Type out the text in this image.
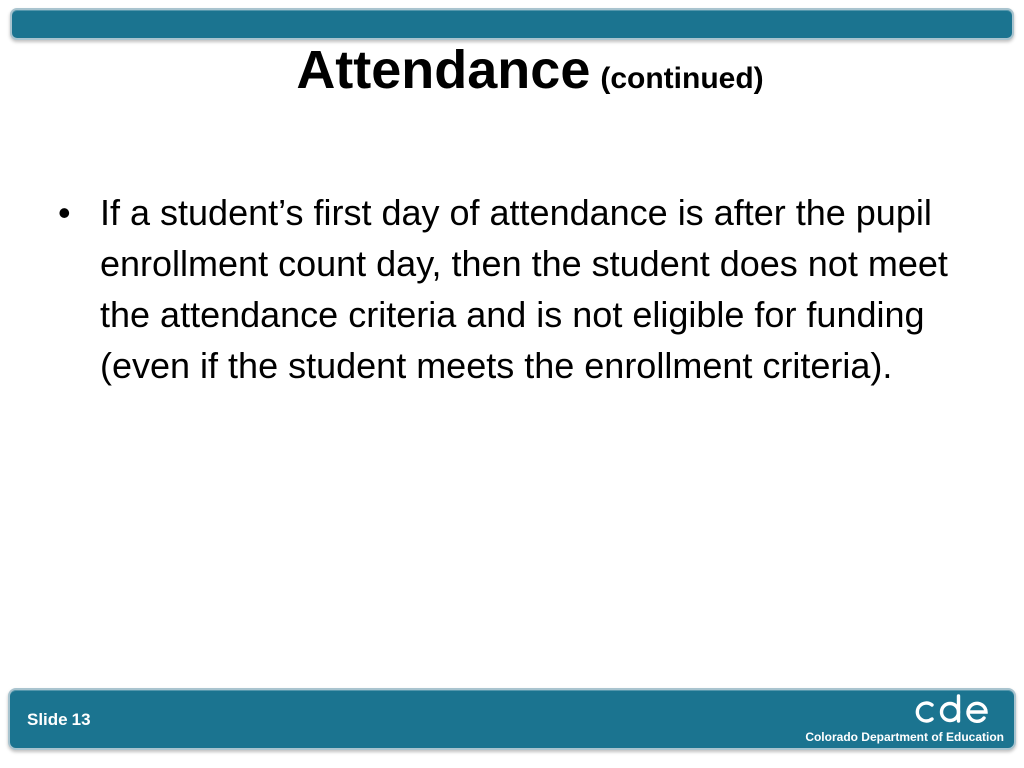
Attendance (continued)
• If a student’s first day of attendance is after the pupil enrollment count day, then the student does not meet the attendance criteria and is not eligible for funding (even if the student meets the enrollment criteria).
Slide 13
Colorado Department of Education
